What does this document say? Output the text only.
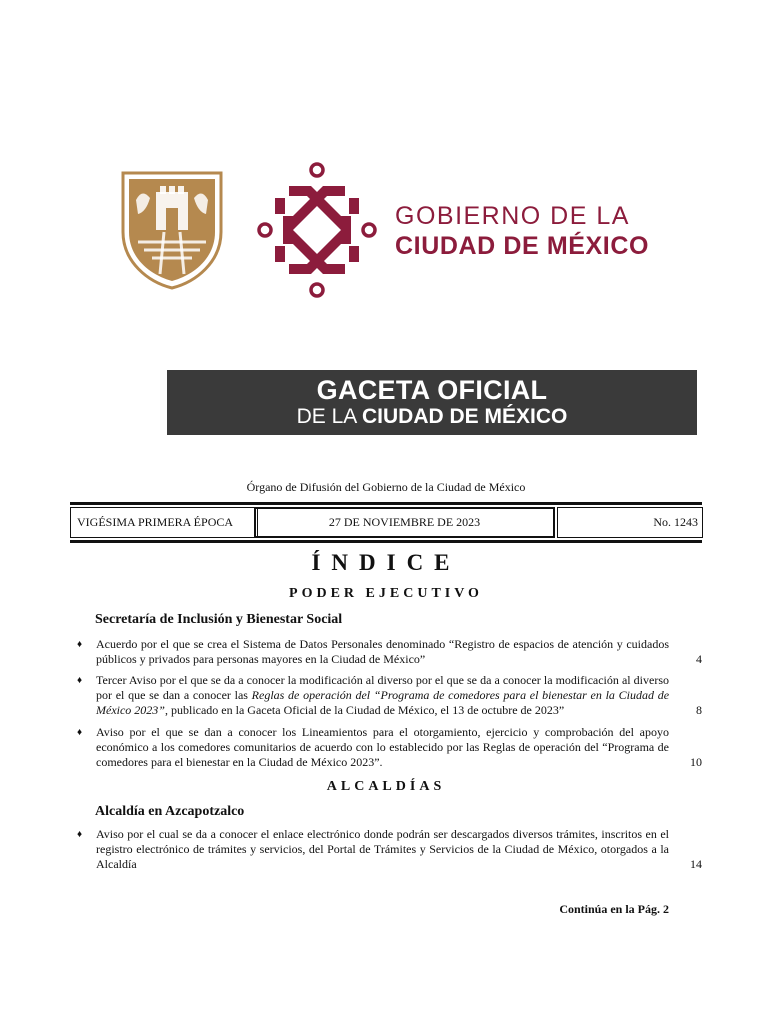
GOBIERNO DE LA
CIUDAD DE MÉXICO
GACETA OFICIAL
DE LA CIUDAD DE MÉXICO
Órgano de Difusión del Gobierno de la Ciudad de México
VIGÉSIMA PRIMERA ÉPOCA	27 DE NOVIEMBRE DE 2023	No. 1243
ÍNDICE
PODER EJECUTIVO
Secretaría de Inclusión y Bienestar Social
♦ Acuerdo por el que se crea el Sistema de Datos Personales denominado “Registro de espacios de atención y cuidados públicos y privados para personas mayores en la Ciudad de México”	4
♦ Tercer Aviso por el que se da a conocer la modificación al diverso por el que se da a conocer la modificación al diverso por el que se dan a conocer las Reglas de operación del “Programa de comedores para el bienestar en la Ciudad de México 2023”, publicado en la Gaceta Oficial de la Ciudad de México, el 13 de octubre de 2023”	8
♦ Aviso por el que se dan a conocer los Lineamientos para el otorgamiento, ejercicio y comprobación del apoyo económico a los comedores comunitarios de acuerdo con lo establecido por las Reglas de operación del “Programa de comedores para el bienestar en la Ciudad de México 2023”.	10
ALCALDÍAS
Alcaldía en Azcapotzalco
♦ Aviso por el cual se da a conocer el enlace electrónico donde podrán ser descargados diversos trámites, inscritos en el registro electrónico de trámites y servicios, del Portal de Trámites y Servicios de la Ciudad de México, otorgados a la Alcaldía	14
Continúa en la Pág. 2
